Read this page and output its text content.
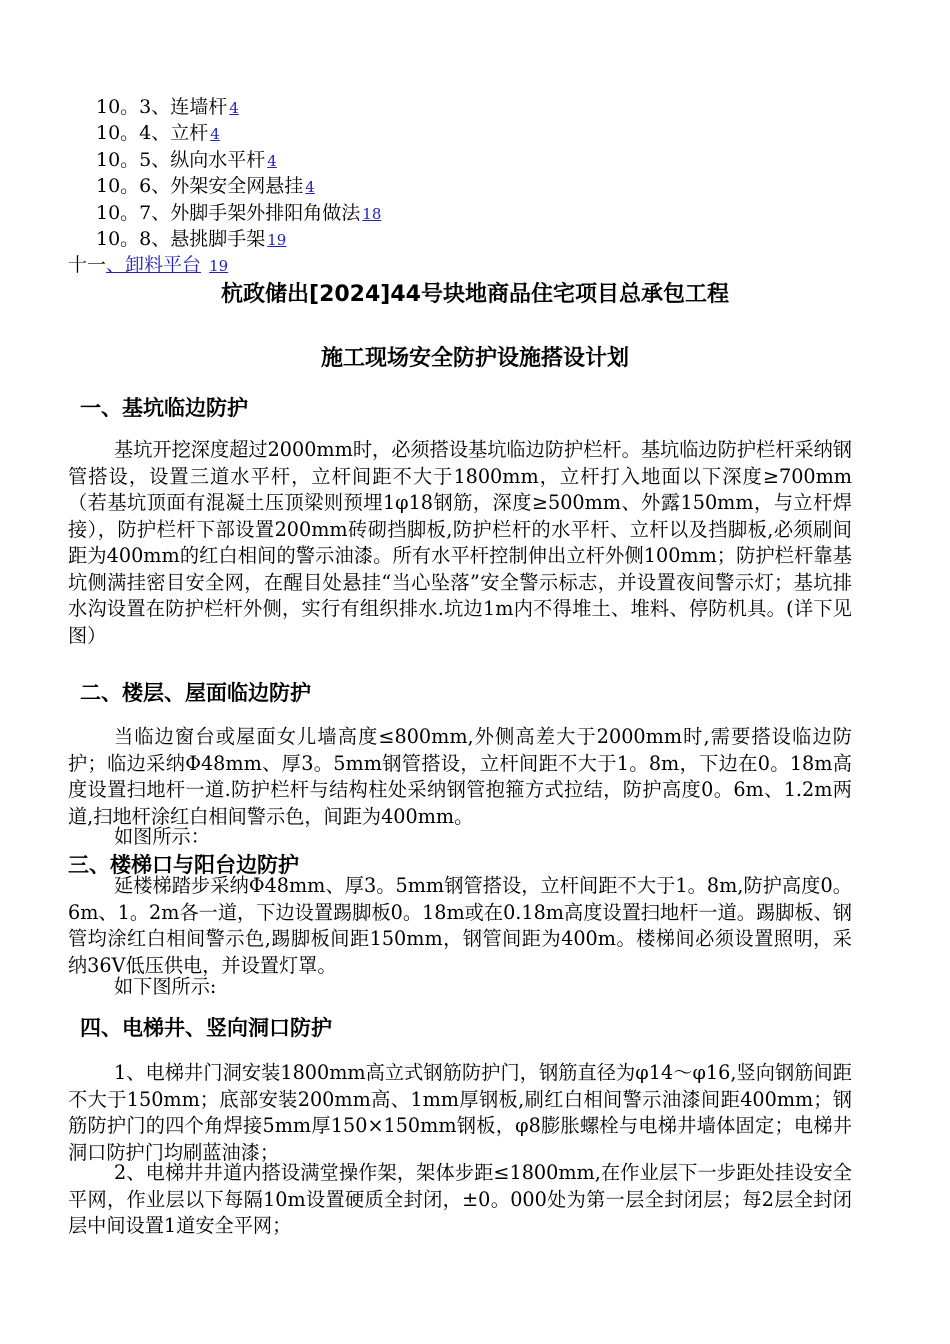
10。3、连墙杆 4
10。4、立杆 4
10。5、纵向水平杆 4
10。6、外架安全网悬挂 4
10。7、外脚手架外排阳角做法 18
10。8、悬挑脚手架 19
十一、卸料平台 19
杭政储出[2024]44号块地商品住宅项目总承包工程
施工现场安全防护设施搭设计划
一、基坑临边防护
基坑开挖深度超过2000mm时，必须搭设基坑临边防护栏杆。基坑临边防护栏杆采纳钢管搭设，设置三道水平杆，立杆间距不大于1800mm，立杆打入地面以下深度≥700mm（若基坑顶面有混凝土压顶梁则预埋1φ18钢筋，深度≥500mm、外露150mm，与立杆焊接），防护栏杆下部设置200mm砖砌挡脚板,防护栏杆的水平杆、立杆以及挡脚板,必须刷间距为400mm的红白相间的警示油漆。所有水平杆控制伸出立杆外侧100mm；防护栏杆靠基坑侧满挂密目安全网，在醒目处悬挂“当心坠落”安全警示标志，并设置夜间警示灯；基坑排水沟设置在防护栏杆外侧，实行有组织排水.坑边1m内不得堆土、堆料、停防机具。(详下见图）
二、楼层、屋面临边防护
当临边窗台或屋面女儿墙高度≤800mm,外侧高差大于2000mm时,需要搭设临边防护；临边采纳Φ48mm、厚3。5mm钢管搭设，立杆间距不大于1。8m，下边在0。18m高度设置扫地杆一道.防护栏杆与结构柱处采纳钢管抱箍方式拉结，防护高度0。6m、1.2m两道,扫地杆涂红白相间警示色，间距为400mm。
如图所示：
三、楼梯口与阳台边防护
延楼梯踏步采纳Φ48mm、厚3。5mm钢管搭设，立杆间距不大于1。8m,防护高度0。6m、1。2m各一道，下边设置踢脚板0。18m或在0.18m高度设置扫地杆一道。踢脚板、钢管均涂红白相间警示色,踢脚板间距150mm，钢管间距为400m。楼梯间必须设置照明，采纳36V低压供电，并设置灯罩。
如下图所示:
四、电梯井、竖向洞口防护
1、电梯井门洞安装1800mm高立式钢筋防护门，钢筋直径为φ14～φ16,竖向钢筋间距不大于150mm；底部安装200mm高、1mm厚钢板,刷红白相间警示油漆间距400mm；钢筋防护门的四个角焊接5mm厚150×150mm钢板，φ8膨胀螺栓与电梯井墙体固定；电梯井洞口防护门均刷蓝油漆；
2、电梯井井道内搭设满堂操作架，架体步距≤1800mm,在作业层下一步距处挂设安全平网，作业层以下每隔10m设置硬质全封闭，±0。000处为第一层全封闭层；每2层全封闭层中间设置1道安全平网；
